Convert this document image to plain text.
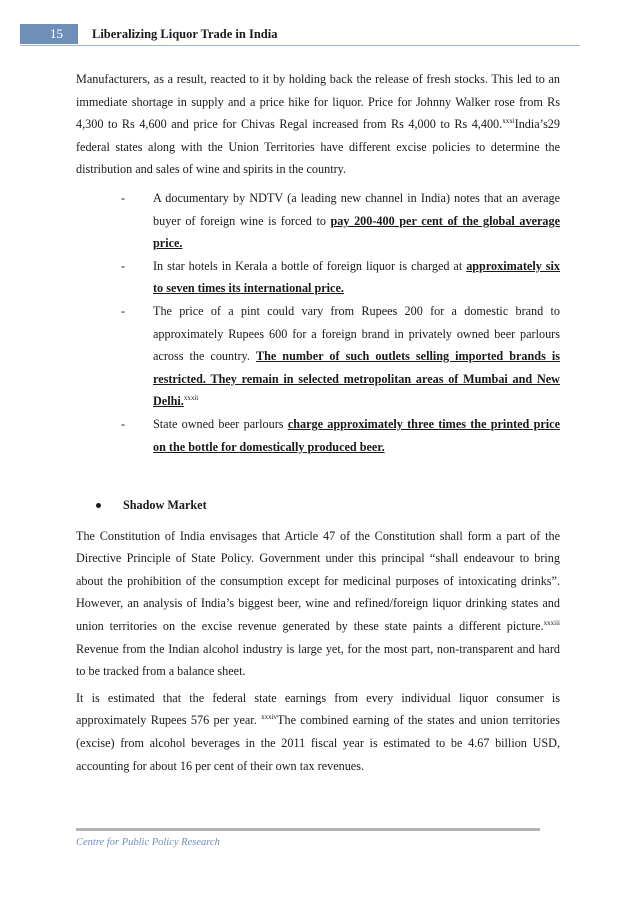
15	Liberalizing Liquor Trade in India

Manufacturers, as a result, reacted to it by holding back the release of fresh stocks. This led to an immediate shortage in supply and a price hike for liquor. Price for Johnny Walker rose from Rs 4,300 to Rs 4,600 and price for Chivas Regal increased from Rs 4,000 to Rs 4,400.$^{xxxi}$India’s29 federal states along with the Union Territories have different excise policies to determine the distribution and sales of wine and spirits in the country.

- A documentary by NDTV (a leading new channel in India) notes that an average buyer of foreign wine is forced to pay 200-400 per cent of the global average price.
- In star hotels in Kerala a bottle of foreign liquor is charged at approximately six to seven times its international price.
- The price of a pint could vary from Rupees 200 for a domestic brand to approximately Rupees 600 for a foreign brand in privately owned beer parlours across the country. The number of such outlets selling imported brands is restricted. They remain in selected metropolitan areas of Mumbai and New Delhi.$^{xxxii}$
- State owned beer parlours charge approximately three times the printed price on the bottle for domestically produced beer.
Shadow Market

The Constitution of India envisages that Article 47 of the Constitution shall form a part of the Directive Principle of State Policy. Government under this principal “shall endeavour to bring about the prohibition of the consumption except for medicinal purposes of intoxicating drinks”. However, an analysis of India’s biggest beer, wine and refined/foreign liquor drinking states and union territories on the excise revenue generated by these state paints a different picture.$^{xxxiii}$ Revenue from the Indian alcohol industry is large yet, for the most part, non-transparent and hard to be tracked from a balance sheet.

It is estimated that the federal state earnings from every individual liquor consumer is approximately Rupees 576 per year. $^{xxxiv}$The combined earning of the states and union territories (excise) from alcohol beverages in the 2011 fiscal year is estimated to be 4.67 billion USD, accounting for about 16 per cent of their own tax revenues.

Centre for Public Policy Research
